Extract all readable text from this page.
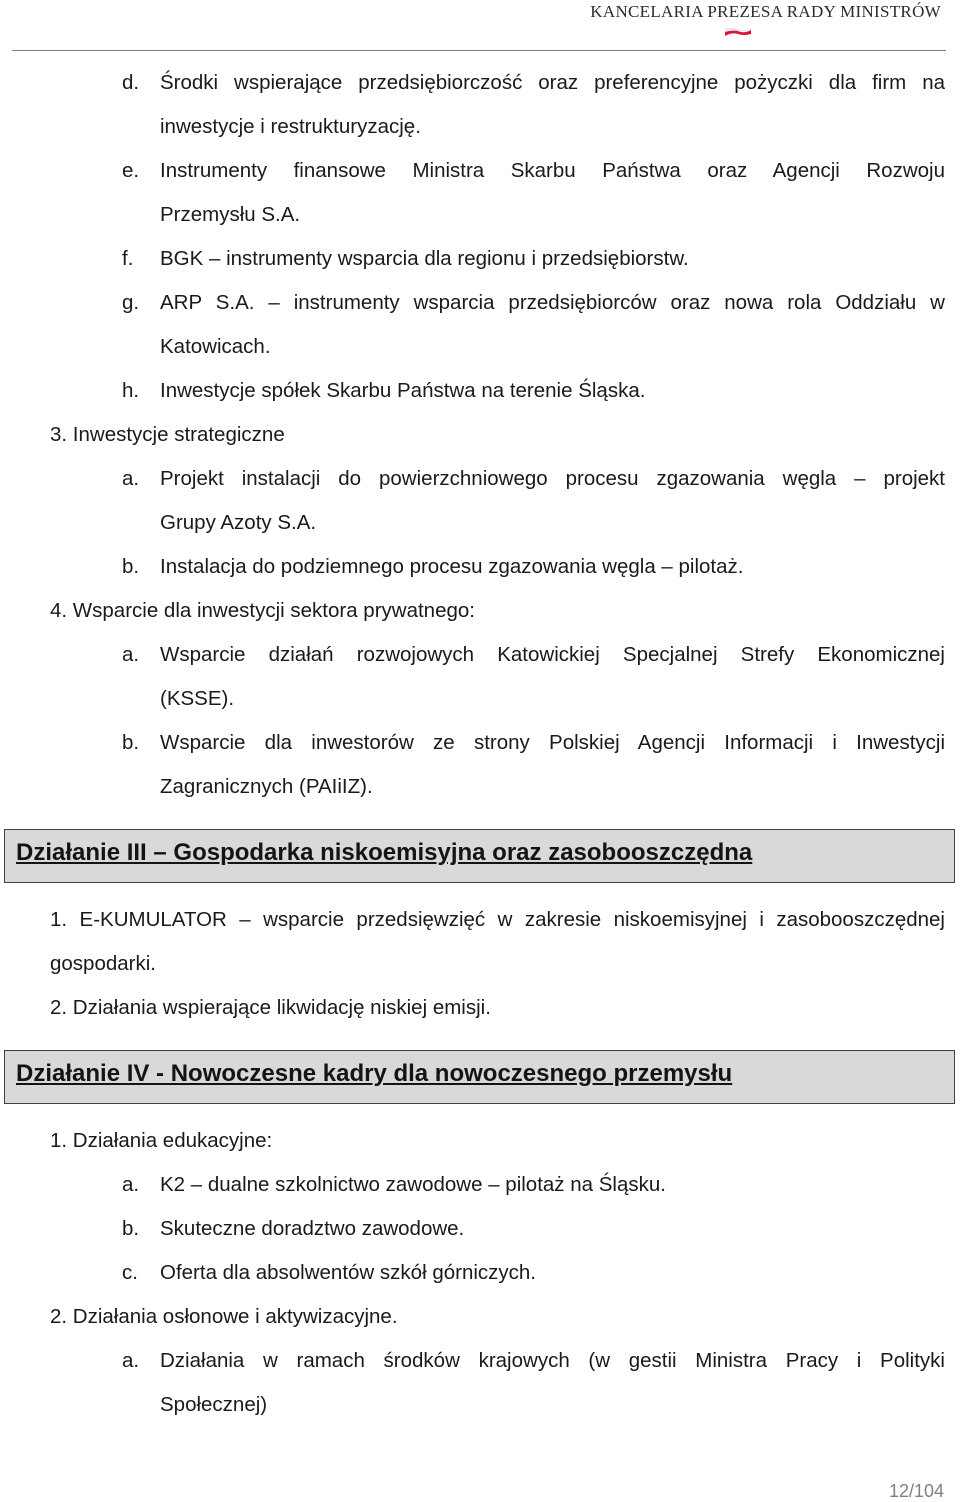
KANCELARIA PREZESA RADY MINISTRÓW
d. Środki wspierające przedsiębiorczość oraz preferencyjne pożyczki dla firm na
inwestycje i restrukturyzację.
e. Instrumenty finansowe Ministra Skarbu Państwa oraz Agencji Rozwoju
Przemysłu S.A.
f. BGK – instrumenty wsparcia dla regionu i przedsiębiorstw.
g. ARP S.A. – instrumenty wsparcia przedsiębiorców oraz nowa rola Oddziału w
Katowicach.
h. Inwestycje spółek Skarbu Państwa na terenie Śląska.
3. Inwestycje strategiczne
a. Projekt instalacji do powierzchniowego procesu zgazowania węgla – projekt
Grupy Azoty S.A.
b. Instalacja do podziemnego procesu zgazowania węgla – pilotaż.
4. Wsparcie dla inwestycji sektora prywatnego:
a. Wsparcie działań rozwojowych Katowickiej Specjalnej Strefy Ekonomicznej
(KSSE).
b. Wsparcie dla inwestorów ze strony Polskiej Agencji Informacji i Inwestycji
Zagranicznych (PAIiIZ).
Działanie III – Gospodarka niskoemisyjna oraz zasobooszczędna
1. E-KUMULATOR – wsparcie przedsięwzięć w zakresie niskoemisyjnej i zasobooszczędnej
gospodarki.
2. Działania wspierające likwidację niskiej emisji.
Działanie IV - Nowoczesne kadry dla nowoczesnego przemysłu
1. Działania edukacyjne:
a. K2 – dualne szkolnictwo zawodowe – pilotaż na Śląsku.
b. Skuteczne doradztwo zawodowe.
c. Oferta dla absolwentów szkół górniczych.
2. Działania osłonowe i aktywizacyjne.
a. Działania w ramach środków krajowych (w gestii Ministra Pracy i Polityki
Społecznej)
12/104
